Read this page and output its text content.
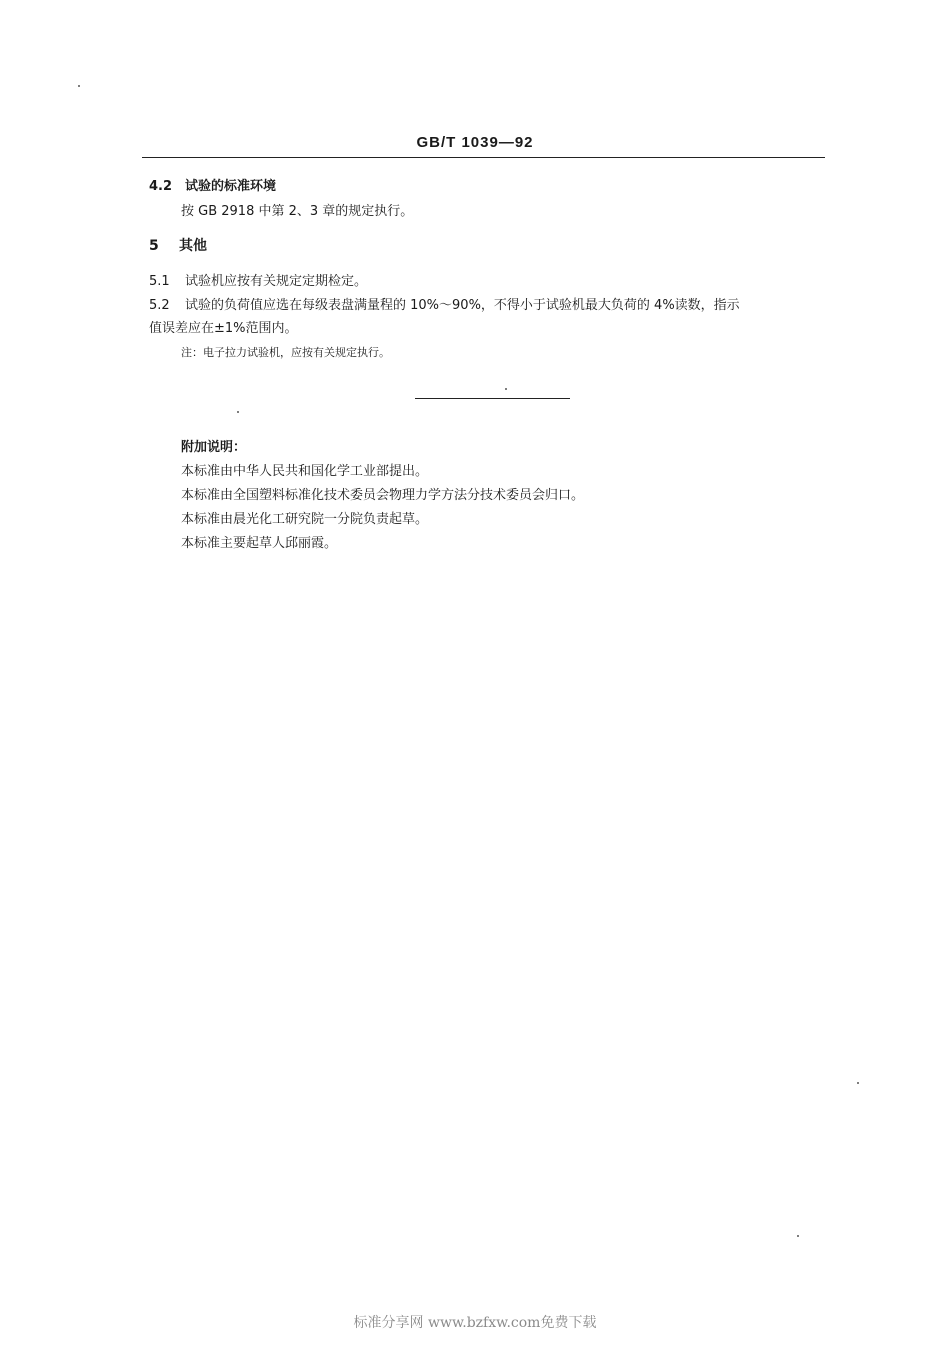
GB/T 1039—92
4.2 试验的标准环境
按 GB 2918 中第 2、3 章的规定执行。
5 其他
5.1 试验机应按有关规定定期检定。
5.2 试验的负荷值应选在每级表盘满量程的 10%～90%，不得小于试验机最大负荷的 4%读数，指示
值误差应在±1%范围内。
注：电子拉力试验机，应按有关规定执行。
附加说明：
本标准由中华人民共和国化学工业部提出。
本标准由全国塑料标准化技术委员会物理力学方法分技术委员会归口。
本标准由晨光化工研究院一分院负责起草。
本标准主要起草人邱丽霞。
标准分享网 www.bzfxw.com免费下载
